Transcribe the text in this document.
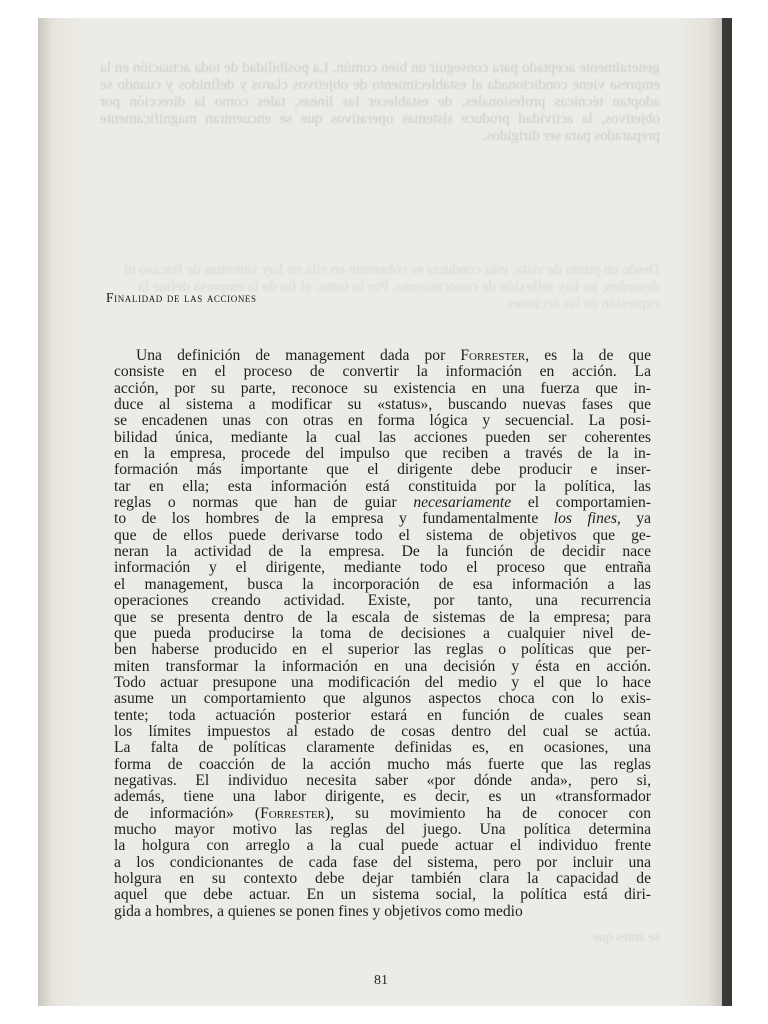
generalmente aceptado para conseguir un bien común. La posibilidad de toda actuación en la empresa viene condicionada al establecimiento de objetivos claros y definidos y cuando se adoptan técnicas profesionales, de establecer las líneas, tales como la dirección por objetivos, la actividad produce sistemas operativos que se encuentran magnificamente preparados para ser dirigidos.
Desde un punto de vista, esta conducta es coherente en ella no hay síntomas de fracaso ni desorden; no hay inflexión de conocimiento. Por lo tanto, el fin de la empresa define la expresión de las acciones.
se antes que
Finalidad de las acciones
Una definición de management dada por Forrester, es la de que
consiste en el proceso de convertir la información en acción. La
acción, por su parte, reconoce su existencia en una fuerza que in-
duce al sistema a modificar su «status», buscando nuevas fases que
se encadenen unas con otras en forma lógica y secuencial. La posi-
bilidad única, mediante la cual las acciones pueden ser coherentes
en la empresa, procede del impulso que reciben a través de la in-
formación más importante que el dirigente debe producir e inser-
tar en ella; esta información está constituida por la política, las
reglas o normas que han de guiar necesariamente el comportamien-
to de los hombres de la empresa y fundamentalmente los fines, ya
que de ellos puede derivarse todo el sistema de objetivos que ge-
neran la actividad de la empresa. De la función de decidir nace
información y el dirigente, mediante todo el proceso que entraña
el management, busca la incorporación de esa información a las
operaciones creando actividad. Existe, por tanto, una recurrencia
que se presenta dentro de la escala de sistemas de la empresa; para
que pueda producirse la toma de decisiones a cualquier nivel de-
ben haberse producido en el superior las reglas o políticas que per-
miten transformar la información en una decisión y ésta en acción.
Todo actuar presupone una modificación del medio y el que lo hace
asume un comportamiento que algunos aspectos choca con lo exis-
tente; toda actuación posterior estará en función de cuales sean
los límites impuestos al estado de cosas dentro del cual se actúa.
La falta de políticas claramente definidas es, en ocasiones, una
forma de coacción de la acción mucho más fuerte que las reglas
negativas. El individuo necesita saber «por dónde anda», pero si,
además, tiene una labor dirigente, es decir, es un «transformador
de información» (Forrester), su movimiento ha de conocer con
mucho mayor motivo las reglas del juego. Una política determina
la holgura con arreglo a la cual puede actuar el individuo frente
a los condicionantes de cada fase del sistema, pero por incluir una
holgura en su contexto debe dejar también clara la capacidad de
aquel que debe actuar. En un sistema social, la política está diri-
gida a hombres, a quienes se ponen fines y objetivos como medio
81
